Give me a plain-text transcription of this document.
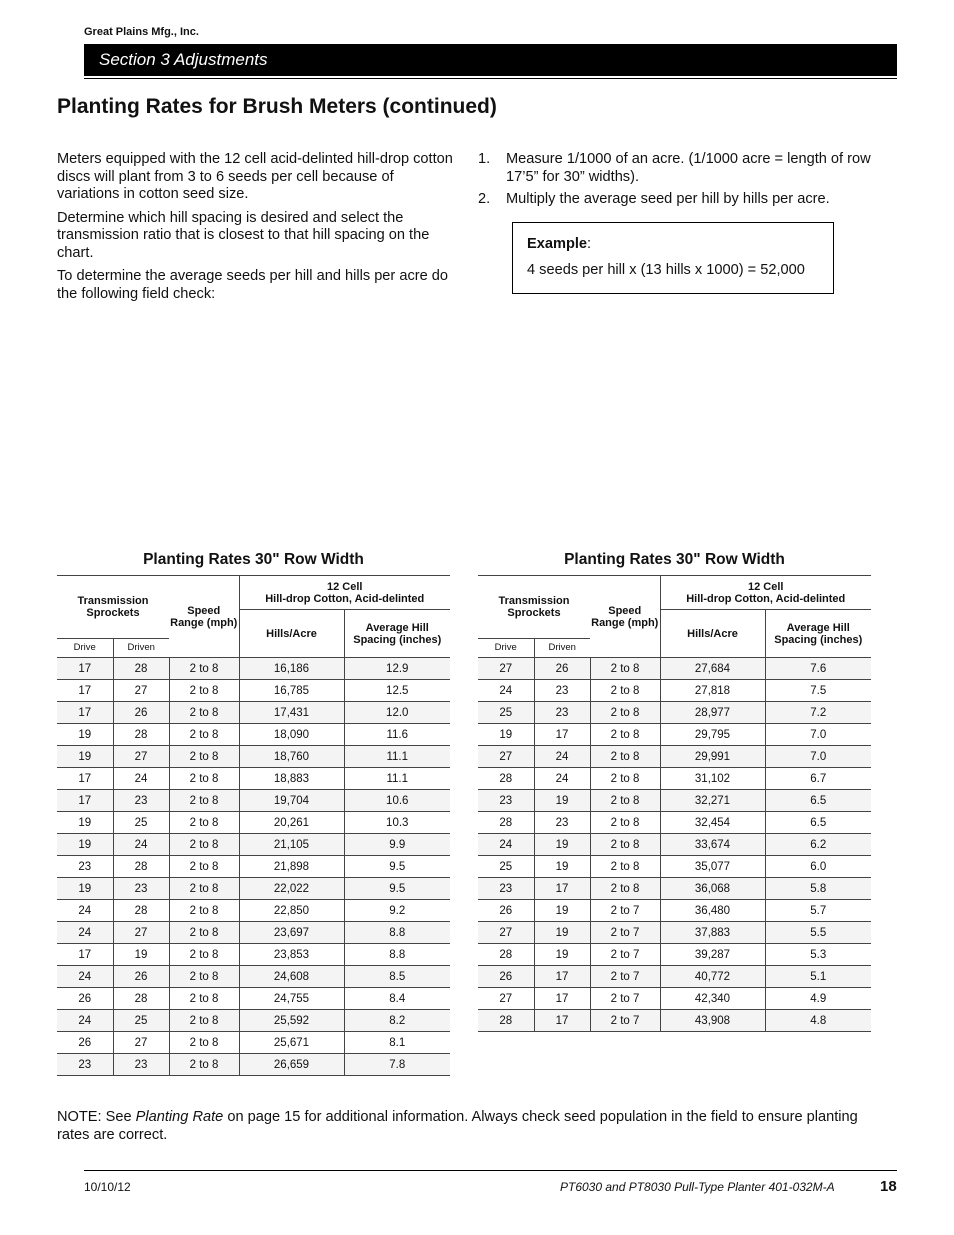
Great Plains Mfg., Inc.
Section 3 Adjustments
Planting Rates for Brush Meters (continued)

Meters equipped with the 12 cell acid-delinted hill-drop cotton discs will plant from 3 to 6 seeds per cell because of variations in cotton seed size.

Determine which hill spacing is desired and select the transmission ratio that is closest to that hill spacing on the chart.

To determine the average seeds per hill and hills per acre do the following field check:

1.	Measure 1/1000 of an acre. (1/1000 acre = length of row 17’5” for 30” widths).
2.	Multiply the average seed per hill by hills per acre.
Example:
4 seeds per hill x (13 hills x 1000) = 52,000
Planting Rates 30" Row Width
Transmission Sprockets		Speed Range (mph)	12 Cell
Hill-drop Cotton, Acid-delinted	

			Hills/Acre	Average Hill Spacing (inches)
Drive	Driven			
17	28	2 to 8	16,186	12.9
17	27	2 to 8	16,785	12.5
17	26	2 to 8	17,431	12.0
19	28	2 to 8	18,090	11.6
19	27	2 to 8	18,760	11.1
17	24	2 to 8	18,883	11.1
17	23	2 to 8	19,704	10.6
19	25	2 to 8	20,261	10.3
19	24	2 to 8	21,105	9.9
23	28	2 to 8	21,898	9.5
19	23	2 to 8	22,022	9.5
24	28	2 to 8	22,850	9.2
24	27	2 to 8	23,697	8.8
17	19	2 to 8	23,853	8.8
24	26	2 to 8	24,608	8.5
26	28	2 to 8	24,755	8.4
24	25	2 to 8	25,592	8.2
26	27	2 to 8	25,671	8.1
23	23	2 to 8	26,659	7.8
Planting Rates 30" Row Width
Transmission Sprockets		Speed Range (mph)	12 Cell
Hill-drop Cotton, Acid-delinted	

			Hills/Acre	Average Hill Spacing (inches)
Drive	Driven			
27	26	2 to 8	27,684	7.6
24	23	2 to 8	27,818	7.5
25	23	2 to 8	28,977	7.2
19	17	2 to 8	29,795	7.0
27	24	2 to 8	29,991	7.0
28	24	2 to 8	31,102	6.7
23	19	2 to 8	32,271	6.5
28	23	2 to 8	32,454	6.5
24	19	2 to 8	33,674	6.2
25	19	2 to 8	35,077	6.0
23	17	2 to 8	36,068	5.8
26	19	2 to 7	36,480	5.7
27	19	2 to 7	37,883	5.5
28	19	2 to 7	39,287	5.3
26	17	2 to 7	40,772	5.1
27	17	2 to 7	42,340	4.9
28	17	2 to 7	43,908	4.8
NOTE: See Planting Rate on page 15 for additional information. Always check seed population in the field to ensure planting rates are correct.
10/10/12	PT6030 and PT8030 Pull-Type Planter 401-032M-A	18
